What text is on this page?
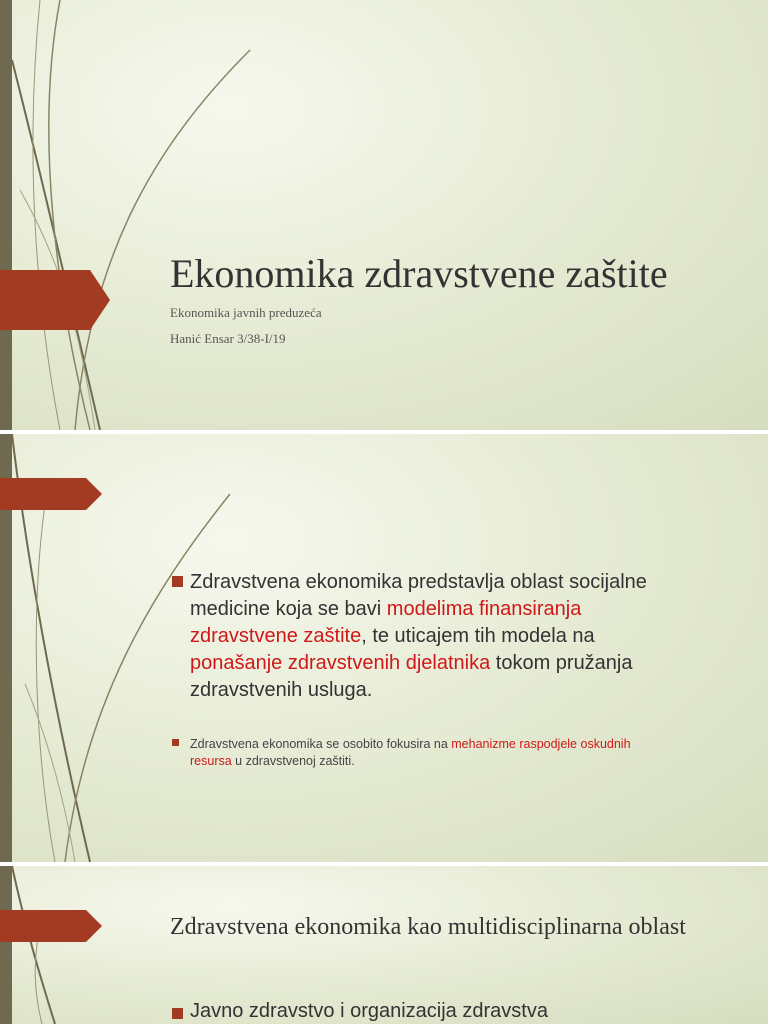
Ekonomika zdravstvene zaštite

Ekonomika javnih preduzeća

Hanić Ensar 3/38-I/19

Zdravstvena ekonomika predstavlja oblast socijalne medicine koja se bavi modelima finansiranja zdravstvene zaštite, te uticajem tih modela na ponašanje zdravstvenih djelatnika tokom pružanja zdravstvenih usluga.

Zdravstvena ekonomika se osobito fokusira na mehanizme raspodjele oskudnih resursa u zdravstvenoj zaštiti.

Zdravstvena ekonomika kao multidisciplinarna oblast

Javno zdravstvo i organizacija zdravstva
